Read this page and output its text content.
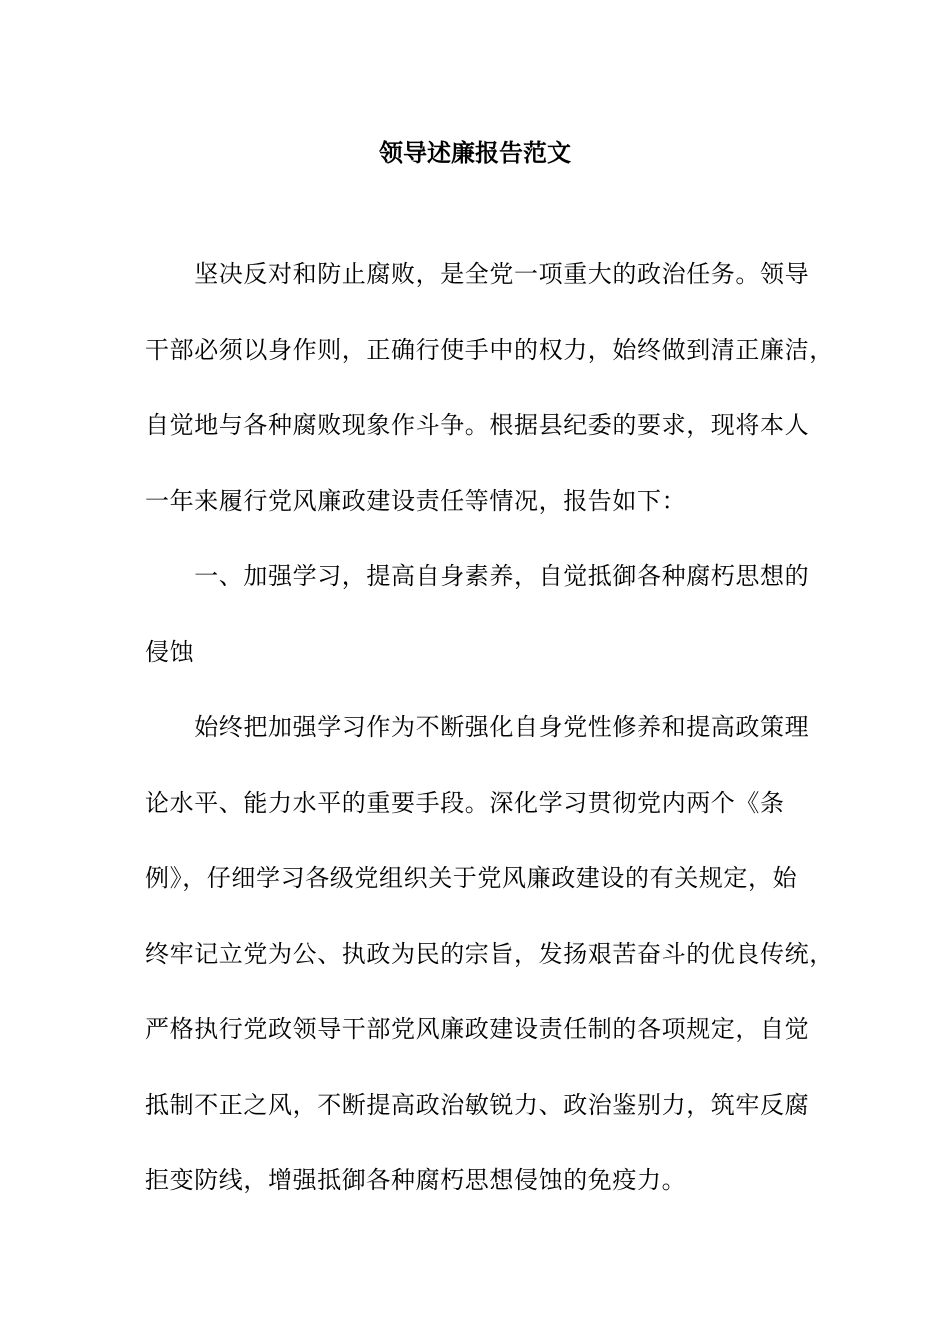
领导述廉报告范文
　　坚决反对和防止腐败，是全党一项重大的政治任务。领导
干部必须以身作则，正确行使手中的权力，始终做到清正廉洁，
自觉地与各种腐败现象作斗争。根据县纪委的要求，现将本人
一年来履行党风廉政建设责任等情况，报告如下：
　　一、加强学习，提高自身素养，自觉抵御各种腐朽思想的
侵蚀
　　始终把加强学习作为不断强化自身党性修养和提高政策理
论水平、能力水平的重要手段。深化学习贯彻党内两个《条
例》，仔细学习各级党组织关于党风廉政建设的有关规定，始
终牢记立党为公、执政为民的宗旨，发扬艰苦奋斗的优良传统，
严格执行党政领导干部党风廉政建设责任制的各项规定，自觉
抵制不正之风，不断提高政治敏锐力、政治鉴别力，筑牢反腐
拒变防线，增强抵御各种腐朽思想侵蚀的免疫力。
